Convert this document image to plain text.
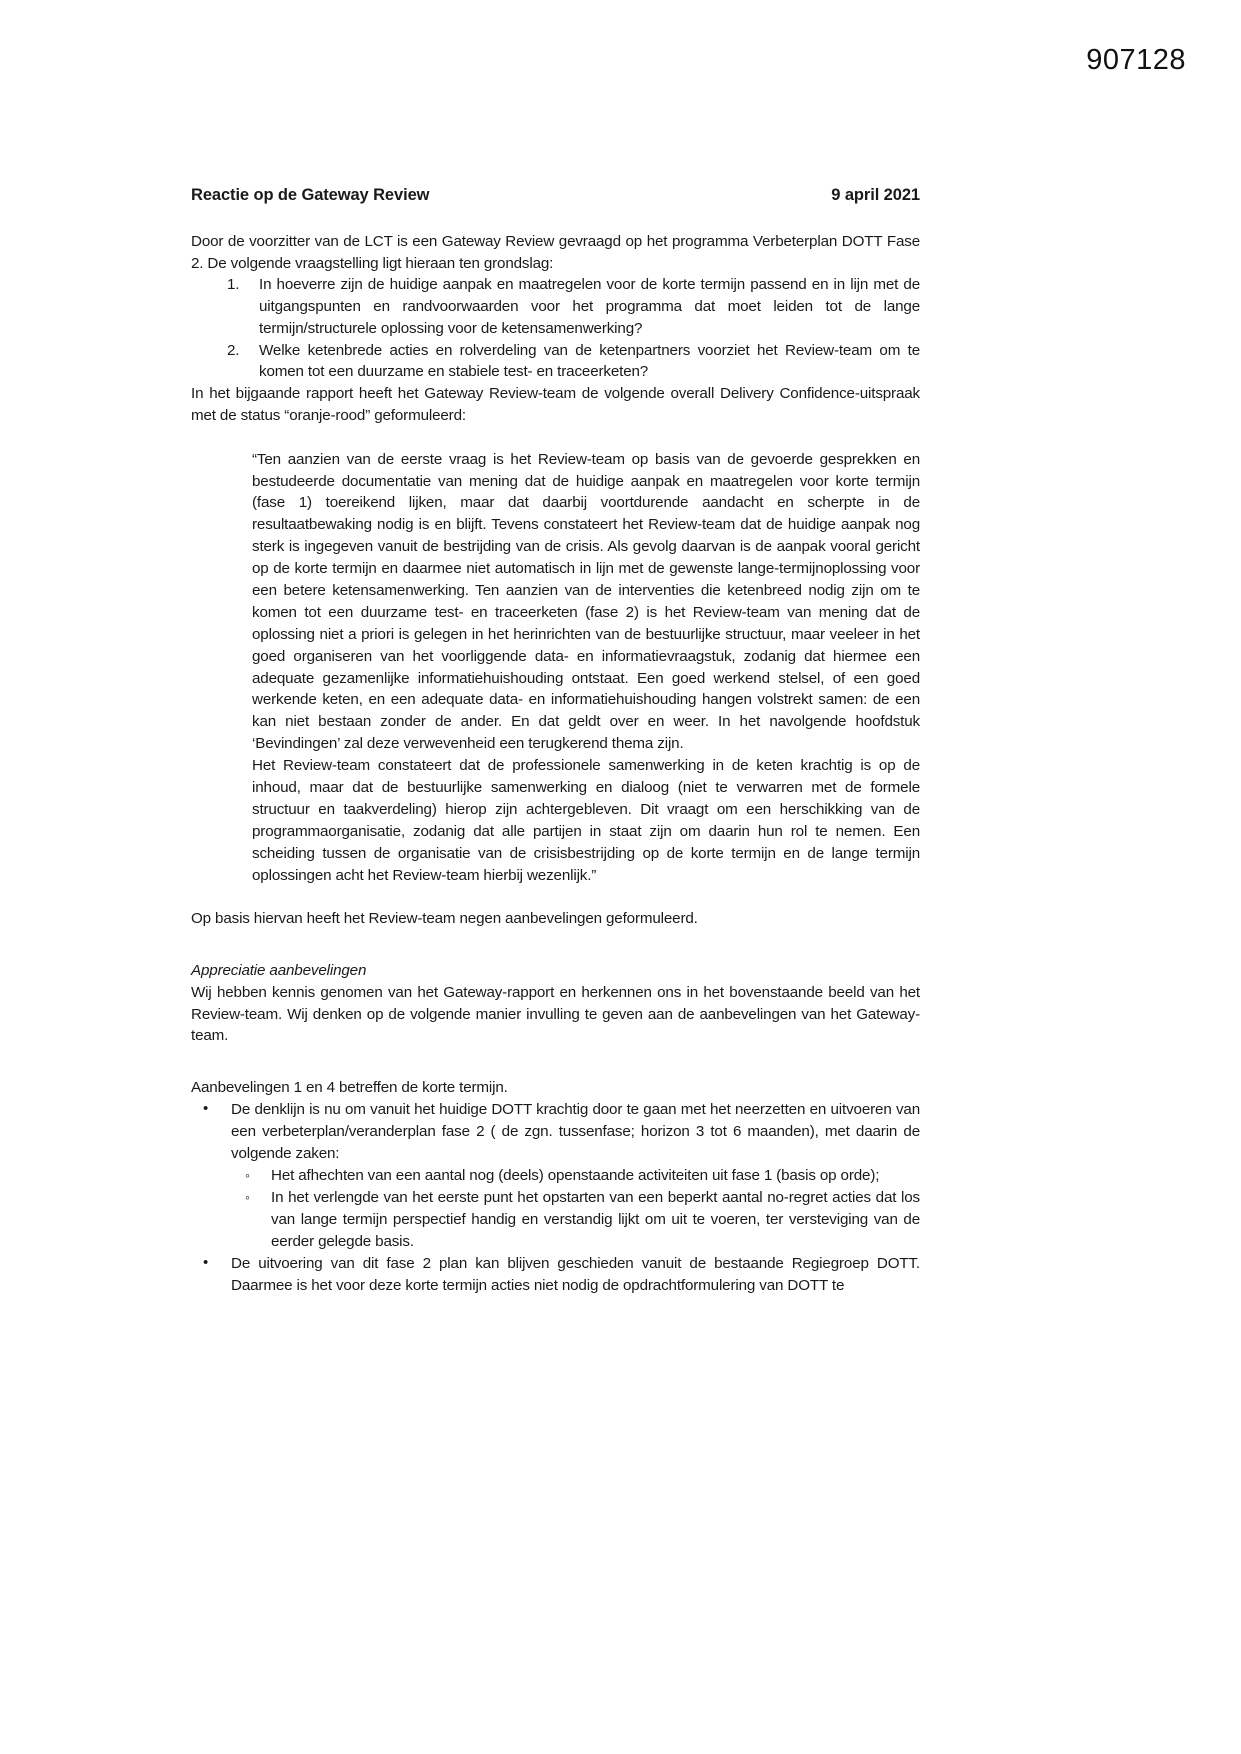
907128
Reactie op de Gateway Review	9 april 2021

Door de voorzitter van de LCT is een Gateway Review gevraagd op het programma Verbeterplan DOTT Fase 2. De volgende vraagstelling ligt hieraan ten grondslag:

In hoeverre zijn de huidige aanpak en maatregelen voor de korte termijn passend en in lijn met de uitgangspunten en randvoorwaarden voor het programma dat moet leiden tot de lange termijn/structurele oplossing voor de ketensamenwerking?
Welke ketenbrede acties en rolverdeling van de ketenpartners voorziet het Review-team om te komen tot een duurzame en stabiele test- en traceerketen?

In het bijgaande rapport heeft het Gateway Review-team de volgende overall Delivery Confidence-uitspraak met de status “oranje-rood” geformuleerd:

“Ten aanzien van de eerste vraag is het Review-team op basis van de gevoerde gesprekken en bestudeerde documentatie van mening dat de huidige aanpak en maatregelen voor korte termijn (fase 1) toereikend lijken, maar dat daarbij voortdurende aandacht en scherpte in de resultaatbewaking nodig is en blijft. Tevens constateert het Review-team dat de huidige aanpak nog sterk is ingegeven vanuit de bestrijding van de crisis. Als gevolg daarvan is de aanpak vooral gericht op de korte termijn en daarmee niet automatisch in lijn met de gewenste lange-termijnoplossing voor een betere ketensamenwerking. Ten aanzien van de interventies die ketenbreed nodig zijn om te komen tot een duurzame test- en traceerketen (fase 2) is het Review-team van mening dat de oplossing niet a priori is gelegen in het herinrichten van de bestuurlijke structuur, maar veeleer in het goed organiseren van het voorliggende data- en informatievraagstuk, zodanig dat hiermee een adequate gezamenlijke informatiehuishouding ontstaat. Een goed werkend stelsel, of een goed werkende keten, en een adequate data- en informatiehuishouding hangen volstrekt samen: de een kan niet bestaan zonder de ander. En dat geldt over en weer. In het navolgende hoofdstuk ‘Bevindingen’ zal deze verwevenheid een terugkerend thema zijn.

Het Review-team constateert dat de professionele samenwerking in de keten krachtig is op de inhoud, maar dat de bestuurlijke samenwerking en dialoog (niet te verwarren met de formele structuur en taakverdeling) hierop zijn achtergebleven. Dit vraagt om een herschikking van de programmaorganisatie, zodanig dat alle partijen in staat zijn om daarin hun rol te nemen. Een scheiding tussen de organisatie van de crisisbestrijding op de korte termijn en de lange termijn oplossingen acht het Review-team hierbij wezenlijk.”

Op basis hiervan heeft het Review-team negen aanbevelingen geformuleerd.

Appreciatie aanbevelingen

Wij hebben kennis genomen van het Gateway-rapport en herkennen ons in het bovenstaande beeld van het Review-team. Wij denken op de volgende manier invulling te geven aan de aanbevelingen van het Gateway-team.

Aanbevelingen 1 en 4 betreffen de korte termijn.

• De denklijn is nu om vanuit het huidige DOTT krachtig door te gaan met het neerzetten en uitvoeren van een verbeterplan/veranderplan fase 2 ( de zgn. tussenfase; horizon 3 tot 6 maanden), met daarin de volgende zaken:
◦ Het afhechten van een aantal nog (deels) openstaande activiteiten uit fase 1 (basis op orde);
◦ In het verlengde van het eerste punt het opstarten van een beperkt aantal no-regret acties dat los van lange termijn perspectief handig en verstandig lijkt om uit te voeren, ter versteviging van de eerder gelegde basis.
• De uitvoering van dit fase 2 plan kan blijven geschieden vanuit de bestaande Regiegroep DOTT. Daarmee is het voor deze korte termijn acties niet nodig de opdrachtformulering van DOTT te
